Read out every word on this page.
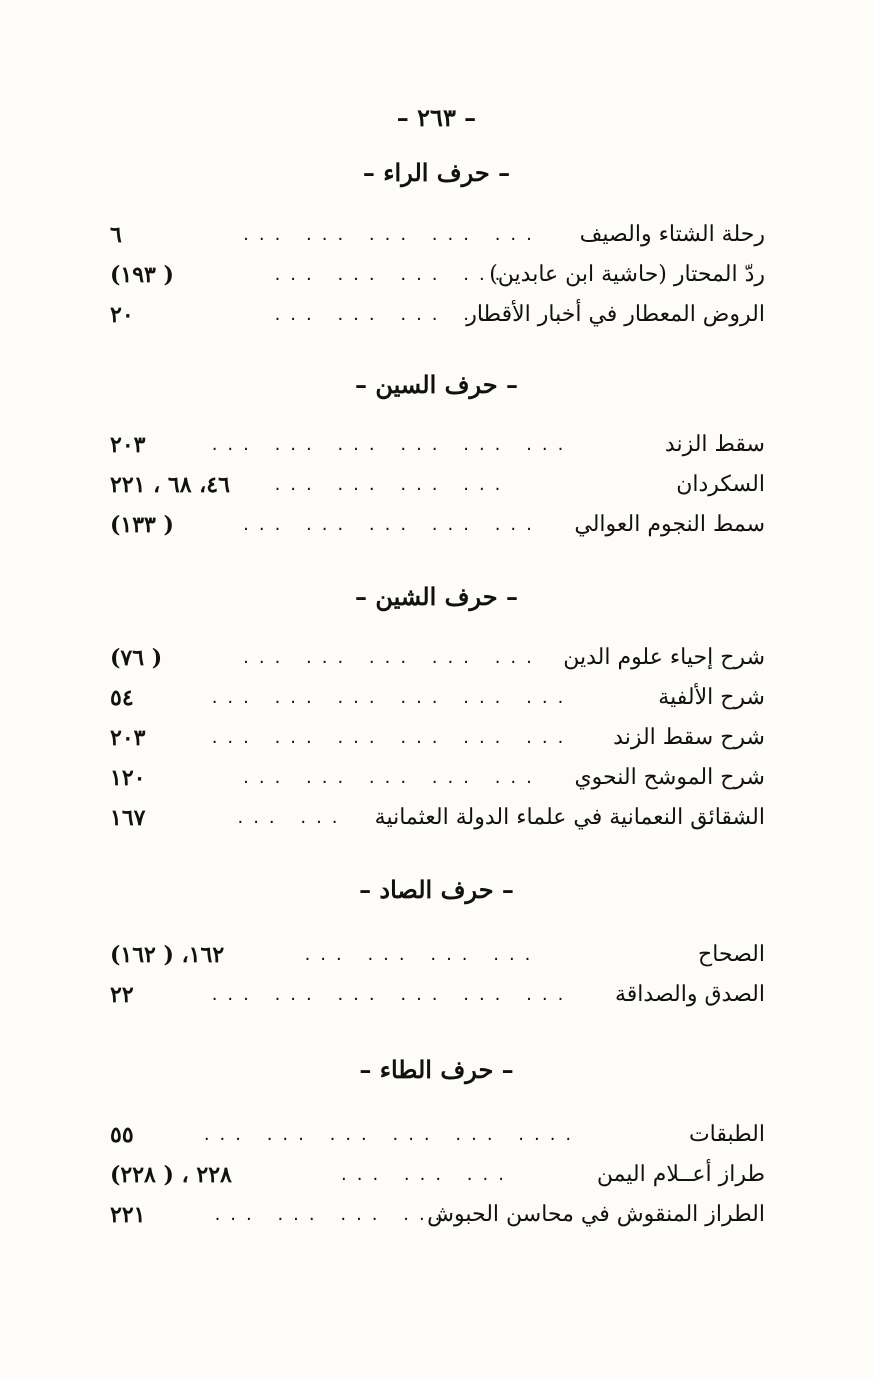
– ٢٦٣ –
– حرف الراء –
رحلة الشتاء والصيف
... ... ... ... ...
٦
ردّ المحتار (حاشية ابن عابدين)
... ... ... ...
( ١٩٣)
الروض المعطار في أخبار الأقطار
... ... ... ...
٢٠
– حرف السين –
سقط الزند
... ... ... ... ... ...
٢٠٣
السكردان
... ... ... ...
٤٦، ٦٨ ، ٢٢١
سمط النجوم العوالي
... ... ... ... ...
( ١٣٣)
– حرف الشين –
شرح إحياء علوم الدين
... ... ... ... ...
( ٧٦)
شرح الألفية
... ... ... ... ... ...
٥٤
شرح سقط الزند
... ... ... ... ... ...
٢٠٣
شرح الموشح النحوي
... ... ... ... ...
١٢٠
الشقائق النعمانية في علماء الدولة العثمانية
... ...
١٦٧
– حرف الصاد –
الصحاح
... ... ... ...
١٦٢، ( ١٦٢)
الصدق والصداقة
... ... ... ... ... ...
٢٢
– حرف الطاء –
الطبقات
.... ... ... ... ... ...
٥٥
طراز أعــلام اليمن
... ... ...
٢٢٨ ، ( ٢٢٨)
الطراز المنقوش في محاسن الحبوش
... ... ... ...
٢٢١
